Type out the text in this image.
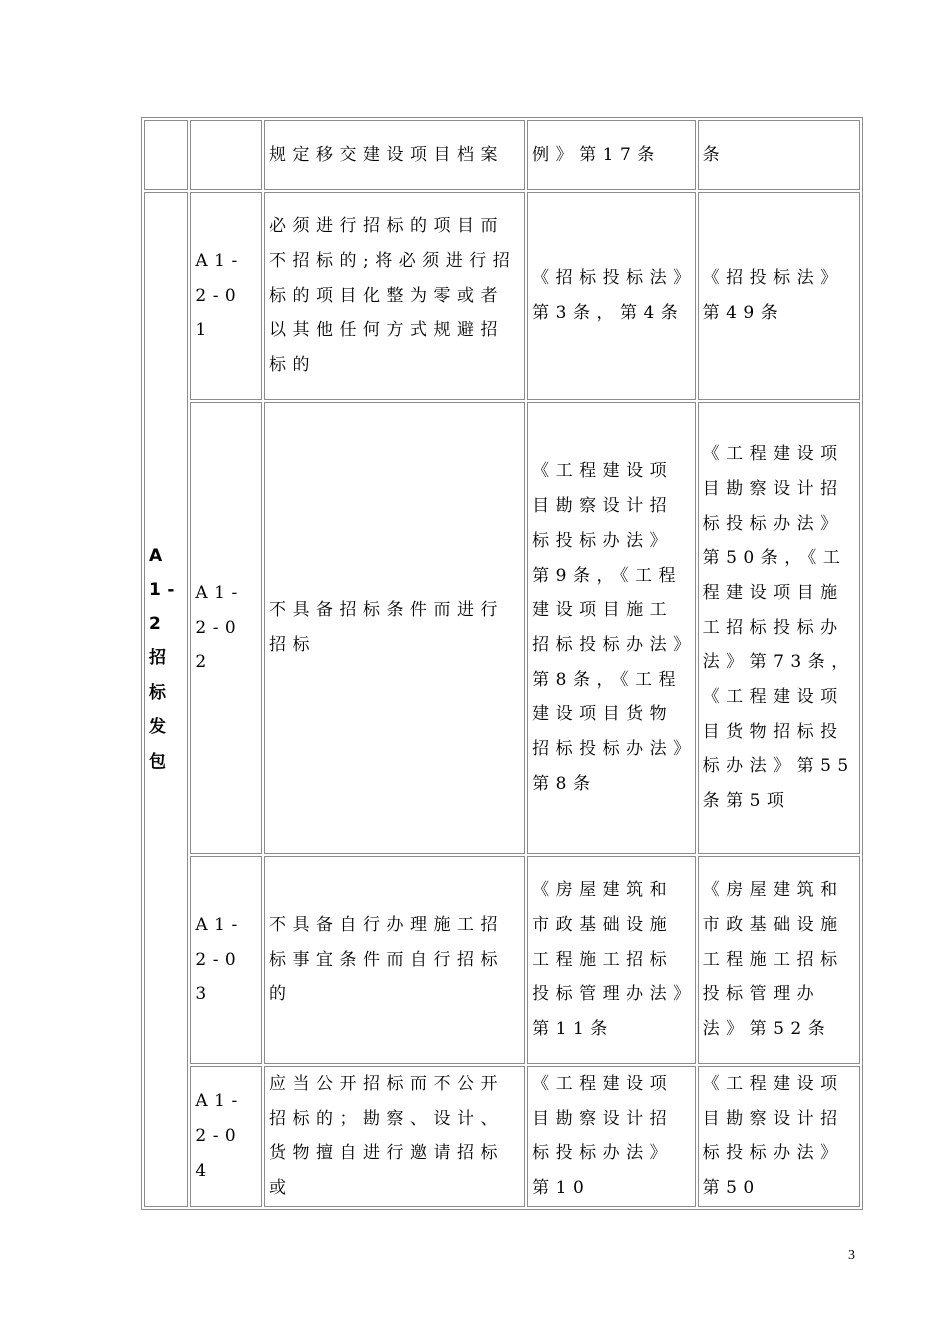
		规定移交建设项目档案	例》第17条	条

A1-2
招标发包	A1-2-01	必须进行招标的项目而不招标的;将必须进行招标的项目化整为零或者以其他任何方式规避招标的	《招标投标法》第3条，第4条	《招投标法》第49条
	A1-2-02	不具备招标条件而进行招标	《工程建设项目勘察设计招标投标办法》第9条，《工程建设项目施工招标投标办法》第8条，《工程建设项目货物招标投标办法》第8条	《工程建设项目勘察设计招标投标办法》第50条，《工程建设项目施工招标投标办法》第73条，《工程建设项目货物招标投标办法》第55条第5项
	A1-2-03	不具备自行办理施工招标事宜条件而自行招标的	《房屋建筑和市政基础设施工程施工招标投标管理办法》第11条	《房屋建筑和市政基础设施工程施工招标投标管理办法》第52条
	A1-2-04	应当公开招标而不公开招标的；勘察、设计、货物擅自进行邀请招标或	《工程建设项目勘察设计招标投标办法》第10	《工程建设项目勘察设计招标投标办法》第50
3
